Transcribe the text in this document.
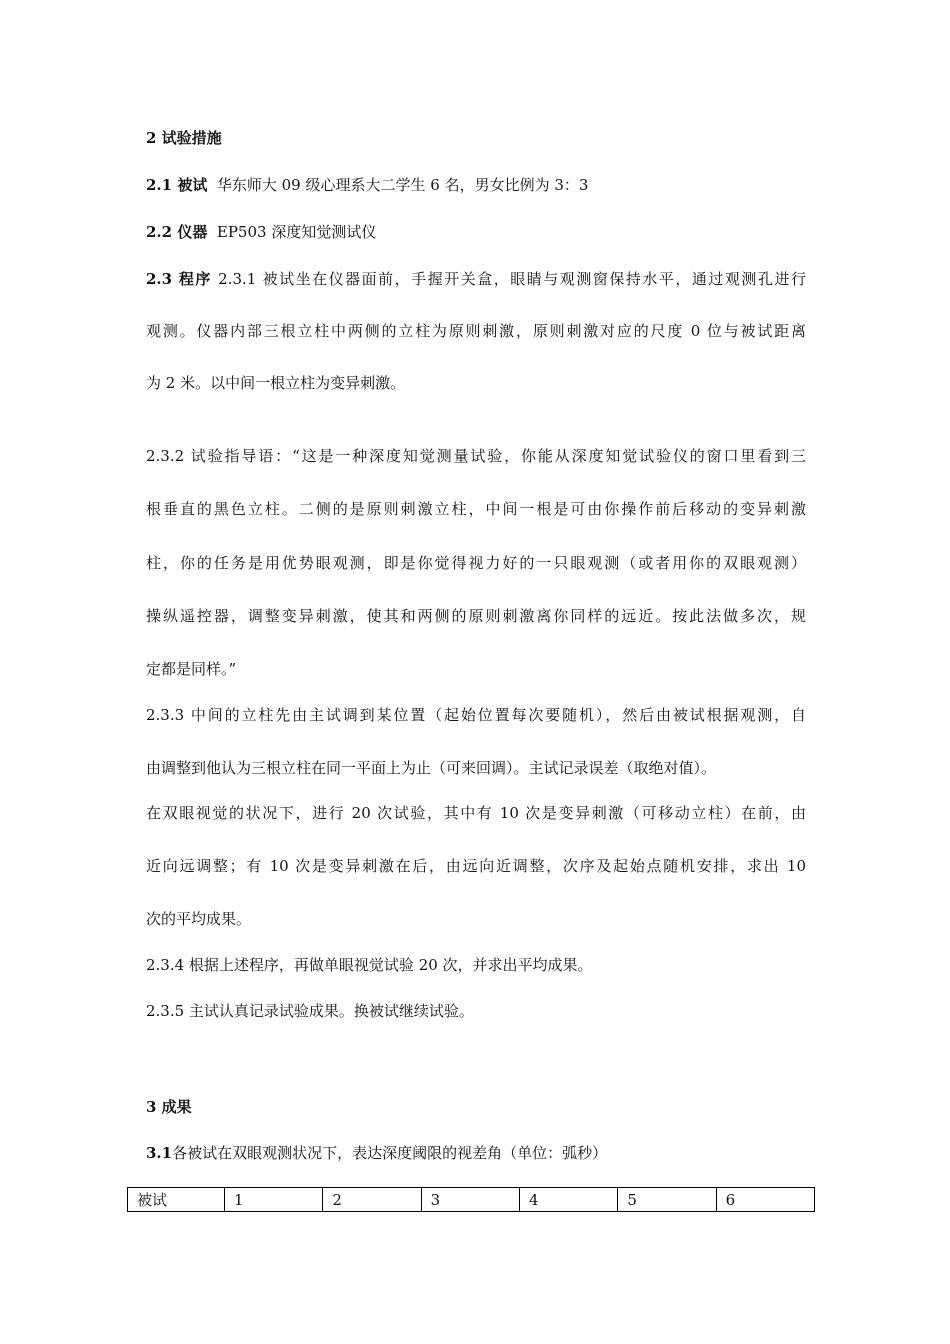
2 试验措施
2.1 被试 华东师大 09 级心理系大二学生 6 名，男女比例为 3：3
2.2 仪器 EP503 深度知觉测试仪
2.3 程序 2.3.1 被试坐在仪器面前，手握开关盒，眼睛与观测窗保持水平，通过观测孔进行
观测。仪器内部三根立柱中两侧的立柱为原则刺激，原则刺激对应的尺度 0 位与被试距离
为 2 米。以中间一根立柱为变异刺激。
2.3.2 试验指导语：“这是一种深度知觉测量试验，你能从深度知觉试验仪的窗口里看到三
根垂直的黑色立柱。二侧的是原则刺激立柱，中间一根是可由你操作前后移动的变异刺激
柱，你的任务是用优势眼观测，即是你觉得视力好的一只眼观测（或者用你的双眼观测）
操纵遥控器，调整变异刺激，使其和两侧的原则刺激离你同样的远近。按此法做多次，规
定都是同样。”
2.3.3 中间的立柱先由主试调到某位置（起始位置每次要随机），然后由被试根据观测，自
由调整到他认为三根立柱在同一平面上为止（可来回调）。主试记录误差（取绝对值）。
在双眼视觉的状况下，进行 20 次试验，其中有 10 次是变异刺激（可移动立柱）在前，由
近向远调整；有 10 次是变异刺激在后，由远向近调整，次序及起始点随机安排，求出 10
次的平均成果。
2.3.4 根据上述程序，再做单眼视觉试验 20 次，并求出平均成果。
2.3.5 主试认真记录试验成果。换被试继续试验。
3 成果
3.1各被试在双眼观测状况下，表达深度阈限的视差角（单位：弧秒）
被试	1	2	3	4	5	6
